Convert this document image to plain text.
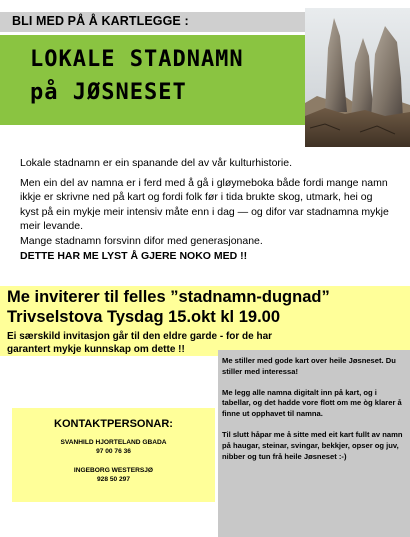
BLI MED PÅ Å KARTLEGGE :
LOKALE STADNAMN
på JØSNESET

Lokale stadnamn er ein spanande del av vår kulturhistorie.

Men ein del av namna er i ferd med å gå i gløymeboka både fordi mange namn ikkje er skrivne ned på kart og fordi folk før i tida brukte skog, utmark, hei og kyst på ein mykje meir intensiv måte enn i dag — og difor var stadnamna mykje meir levande.

Mange stadnamn forsvinn difor med generasjonane.

DETTE HAR ME LYST Å GJERE NOKO MED !!

Me inviterer til felles ”stadnamn-dugnad”
Trivselstova Tysdag 15.okt kl 19.00
Ei særskild invitasjon går til den eldre garde - for de har garantert mykje kunnskap om dette !!

Me stiller med gode kart over heile Jøsneset. Du stiller med interessa!

Me legg alle namna digitalt inn på kart, og i tabellar, og det hadde vore flott om me òg klarer å finne ut opphavet til namna.

Til slutt håpar me å sitte med eit kart fullt av namn på haugar, steinar, svingar, bekkjer, opser og juv, nibber og tun frå heile Jøsneset :-)

KONTAKTPERSONAR:
SVANHILD HJORTELAND GBADA
97 00 76 36
INGEBORG WESTERSJØ
928 50 297
